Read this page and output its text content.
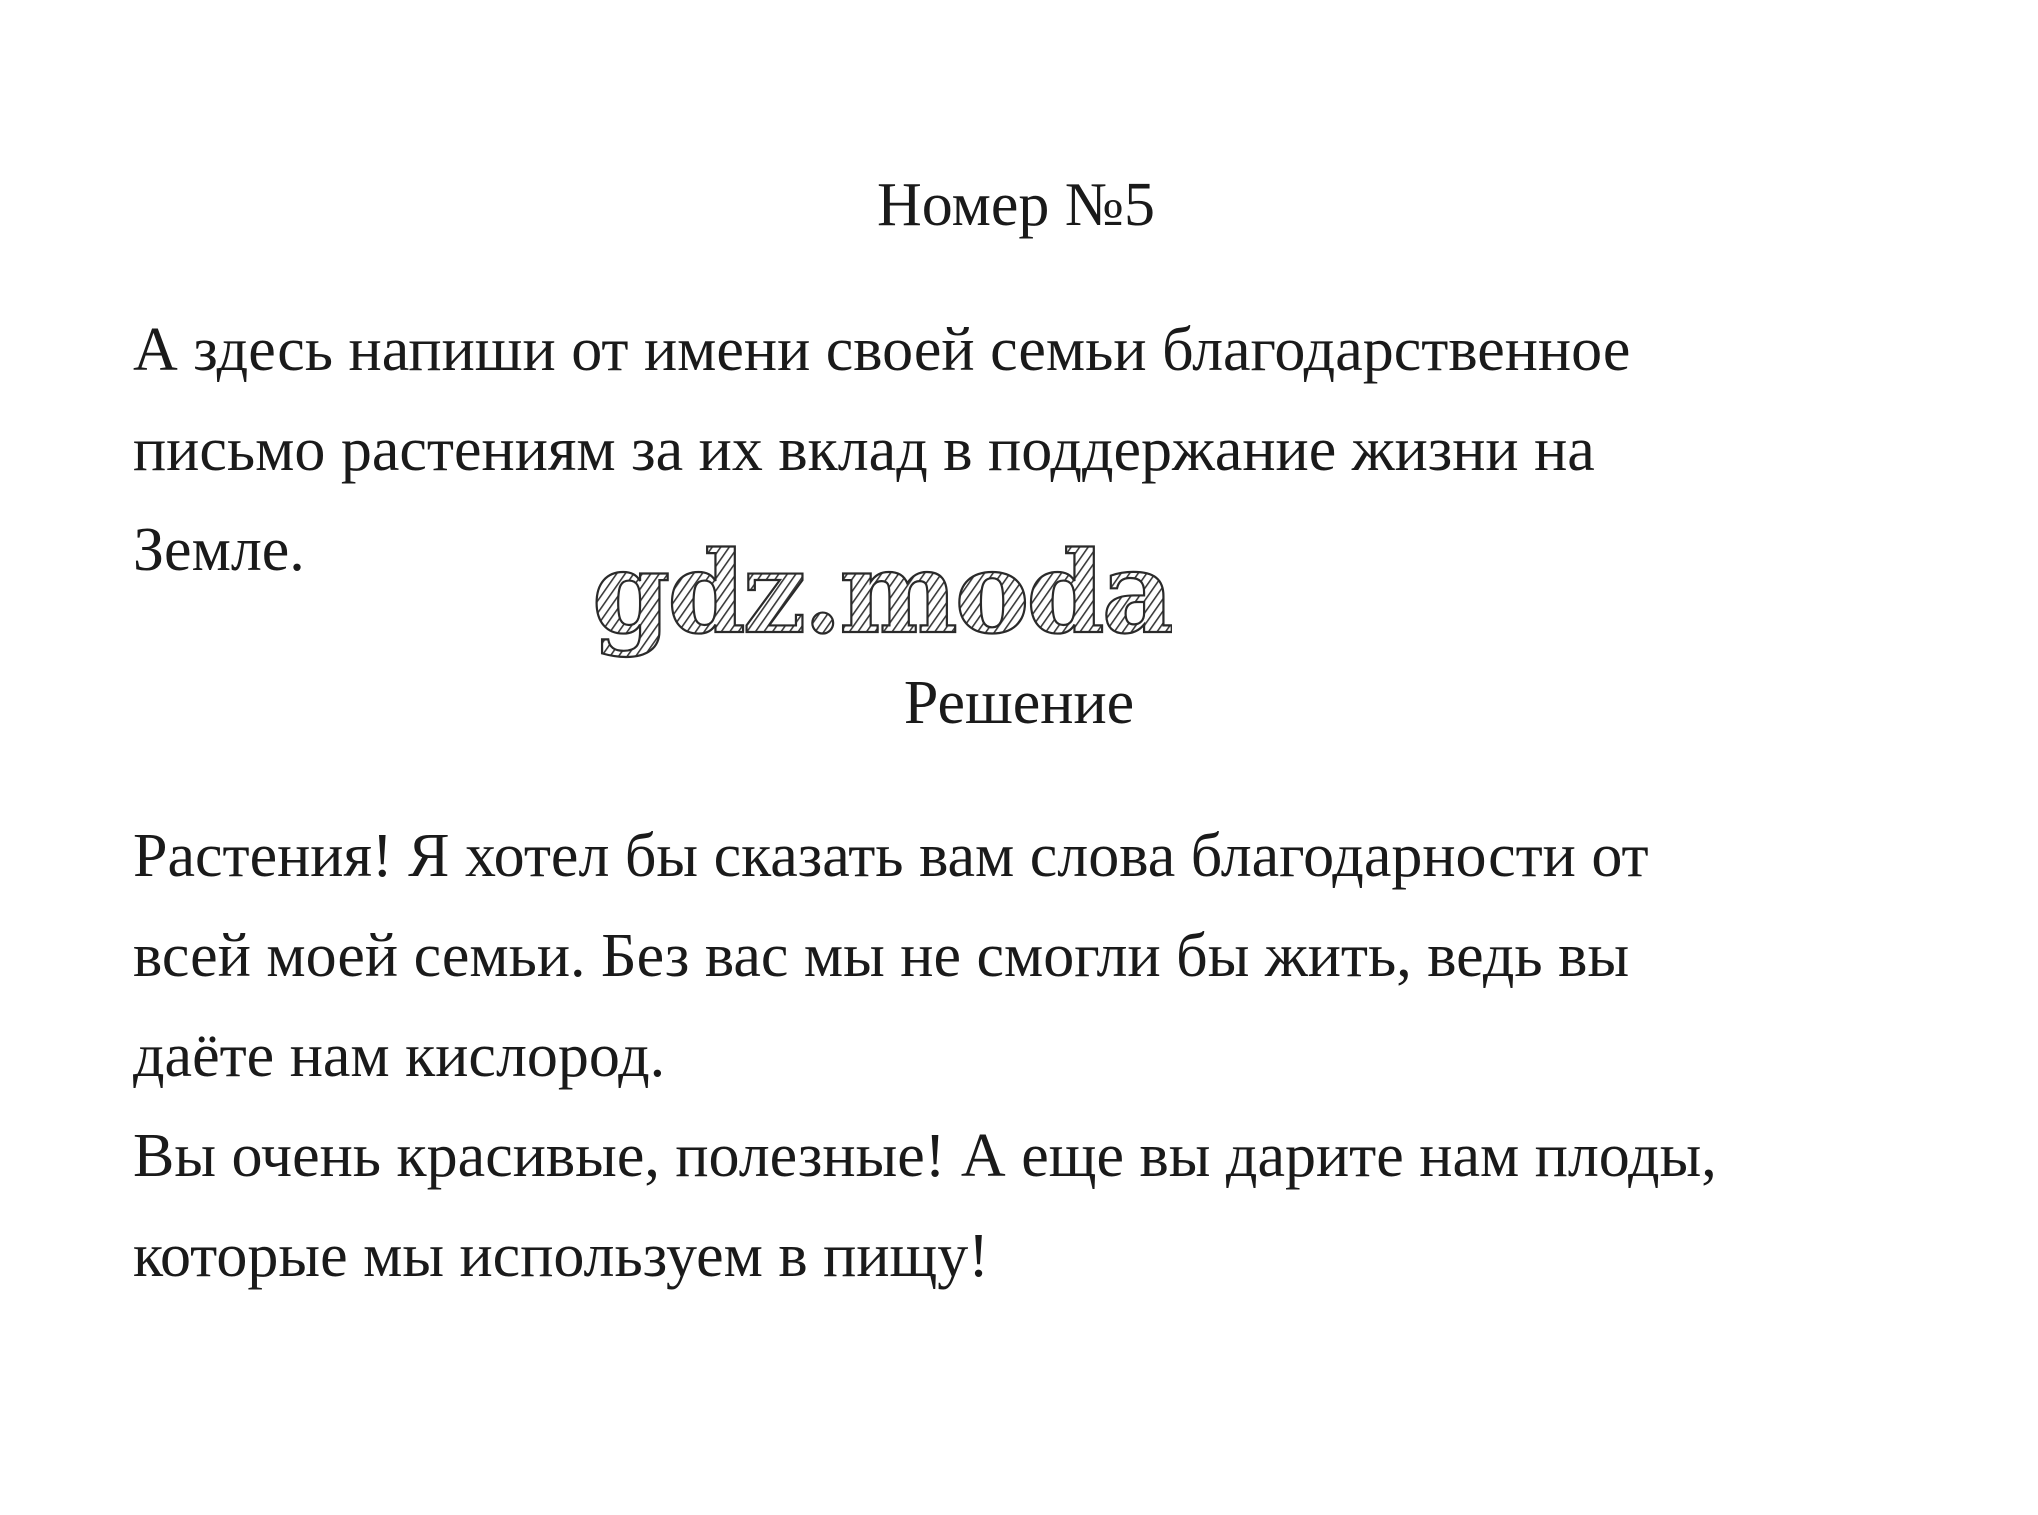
Номер №5
А здесь напиши от имени своей семьи благодарственное
письмо растениям за их вклад в поддержание жизни на
Земле.	gdz.moda
Решение
Растения! Я хотел бы сказать вам слова благодарности от
всей моей семьи. Без вас мы не смогли бы жить, ведь вы
даёте нам кислород.
Вы очень красивые, полезные! А еще вы дарите нам плоды,
которые мы используем в пищу!
